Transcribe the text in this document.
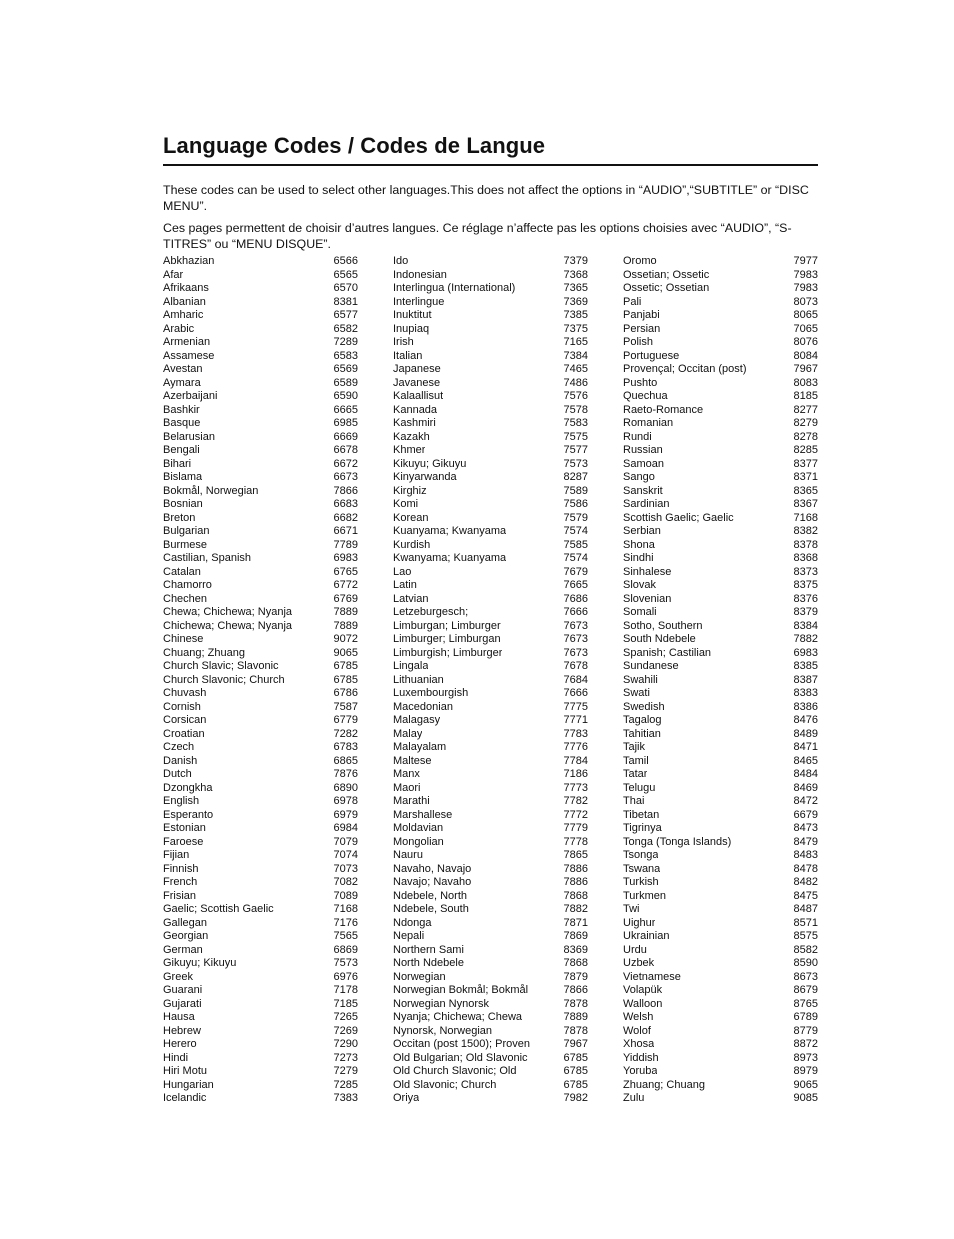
Language Codes / Codes de Langue

These codes can be used to select other languages.This does not affect the options in “AUDIO”,“SUBTITLE” or “DISC MENU”.

Ces pages permettent de choisir d’autres langues. Ce réglage n’affecte pas les options choisies avec “AUDIO”, “S-TITRES” ou “MENU DISQUE”.

Abkhazian	6566
Afar	6565
Afrikaans	6570
Albanian	8381
Amharic	6577
Arabic	6582
Armenian	7289
Assamese	6583
Avestan	6569
Aymara	6589
Azerbaijani	6590
Bashkir	6665
Basque	6985
Belarusian	6669
Bengali	6678
Bihari	6672
Bislama	6673
Bokmål, Norwegian	7866
Bosnian	6683
Breton	6682
Bulgarian	6671
Burmese	7789
Castilian, Spanish	6983
Catalan	6765
Chamorro	6772
Chechen	6769
Chewa; Chichewa; Nyanja	7889
Chichewa; Chewa; Nyanja	7889
Chinese	9072
Chuang; Zhuang	9065
Church Slavic; Slavonic	6785
Church Slavonic; Church	6785
Chuvash	6786
Cornish	7587
Corsican	6779
Croatian	7282
Czech	6783
Danish	6865
Dutch	7876
Dzongkha	6890
English	6978
Esperanto	6979
Estonian	6984
Faroese	7079
Fijian	7074
Finnish	7073
French	7082
Frisian	7089
Gaelic; Scottish Gaelic	7168
Gallegan	7176
Georgian	7565
German	6869
Gikuyu; Kikuyu	7573
Greek	6976
Guarani	7178
Gujarati	7185
Hausa	7265
Hebrew	7269
Herero	7290
Hindi	7273
Hiri Motu	7279
Hungarian	7285
Icelandic	7383
Ido	7379
Indonesian	7368
Interlingua (International)	7365
Interlingue	7369
Inuktitut	7385
Inupiaq	7375
Irish	7165
Italian	7384
Japanese	7465
Javanese	7486
Kalaallisut	7576
Kannada	7578
Kashmiri	7583
Kazakh	7575
Khmer	7577
Kikuyu; Gikuyu	7573
Kinyarwanda	8287
Kirghiz	7589
Komi	7586
Korean	7579
Kuanyama; Kwanyama	7574
Kurdish	7585
Kwanyama; Kuanyama	7574
Lao	7679
Latin	7665
Latvian	7686
Letzeburgesch;	7666
Limburgan; Limburger	7673
Limburger; Limburgan	7673
Limburgish; Limburger	7673
Lingala	7678
Lithuanian	7684
Luxembourgish	7666
Macedonian	7775
Malagasy	7771
Malay	7783
Malayalam	7776
Maltese	7784
Manx	7186
Maori	7773
Marathi	7782
Marshallese	7772
Moldavian	7779
Mongolian	7778
Nauru	7865
Navaho, Navajo	7886
Navajo; Navaho	7886
Ndebele, North	7868
Ndebele, South	7882
Ndonga	7871
Nepali	7869
Northern Sami	8369
North Ndebele	7868
Norwegian	7879
Norwegian Bokmål; Bokmål	7866
Norwegian Nynorsk	7878
Nyanja; Chichewa; Chewa	7889
Nynorsk, Norwegian	7878
Occitan (post 1500); Proven	7967
Old Bulgarian; Old Slavonic	6785
Old Church Slavonic; Old	6785
Old Slavonic; Church	6785
Oriya	7982
Oromo	7977
Ossetian; Ossetic	7983
Ossetic; Ossetian	7983
Pali	8073
Panjabi	8065
Persian	7065
Polish	8076
Portuguese	8084
Provençal; Occitan (post)	7967
Pushto	8083
Quechua	8185
Raeto-Romance	8277
Romanian	8279
Rundi	8278
Russian	8285
Samoan	8377
Sango	8371
Sanskrit	8365
Sardinian	8367
Scottish Gaelic; Gaelic	7168
Serbian	8382
Shona	8378
Sindhi	8368
Sinhalese	8373
Slovak	8375
Slovenian	8376
Somali	8379
Sotho, Southern	8384
South Ndebele	7882
Spanish; Castilian	6983
Sundanese	8385
Swahili	8387
Swati	8383
Swedish	8386
Tagalog	8476
Tahitian	8489
Tajik	8471
Tamil	8465
Tatar	8484
Telugu	8469
Thai	8472
Tibetan	6679
Tigrinya	8473
Tonga (Tonga Islands)	8479
Tsonga	8483
Tswana	8478
Turkish	8482
Turkmen	8475
Twi	8487
Uighur	8571
Ukrainian	8575
Urdu	8582
Uzbek	8590
Vietnamese	8673
Volapük	8679
Walloon	8765
Welsh	6789
Wolof	8779
Xhosa	8872
Yiddish	8973
Yoruba	8979
Zhuang; Chuang	9065
Zulu	9085
